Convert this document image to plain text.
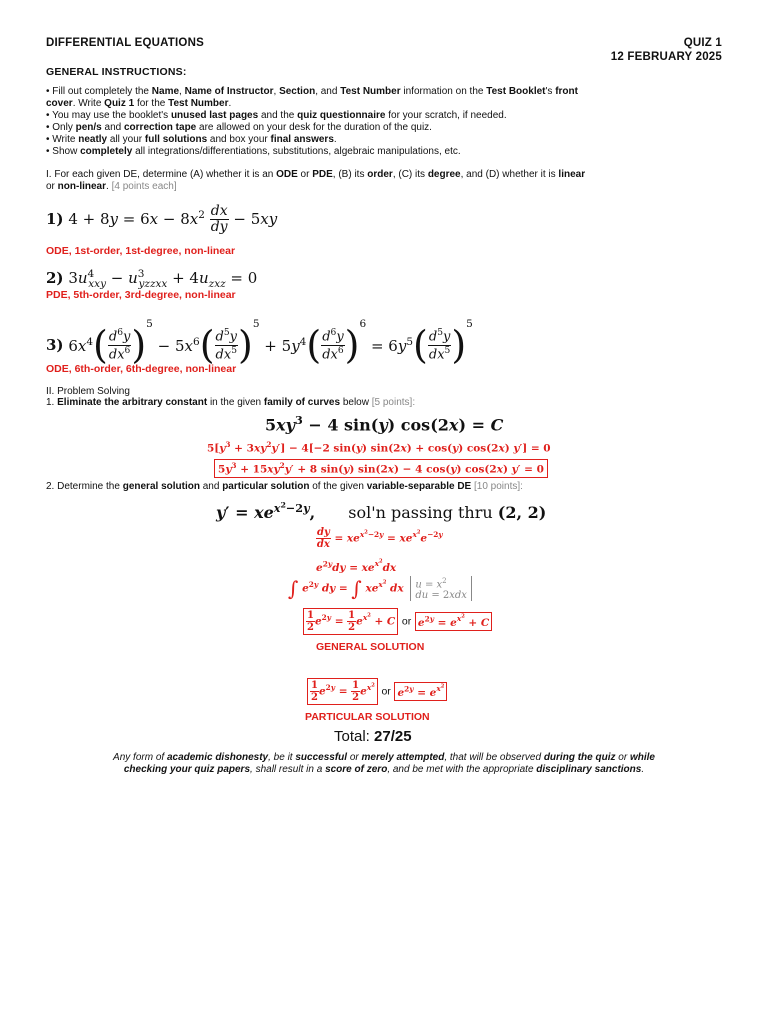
DIFFERENTIAL EQUATIONS	QUIZ 1
12 FEBRUARY 2025
GENERAL INSTRUCTIONS:
• Fill out completely the Name, Name of Instructor, Section, and Test Number information on the Test Booklet's front
cover. Write Quiz 1 for the Test Number.
• You may use the booklet's unused last pages and the quiz questionnaire for your scratch, if needed.
• Only pen/s and correction tape are allowed on your desk for the duration of the quiz.
• Write neatly all your full solutions and box your final answers.
• Show completely all integrations/differentiations, substitutions, algebraic manipulations, etc.
I. For each given DE, determine (A) whether it is an ODE or PDE, (B) its order, (C) its degree, and (D) whether it is linear
or non-linear. [4 points each]
1) $4 + 8y = 6x - 8x^2 \frac{dx}{dy} - 5xy$
ODE, 1st-order, 1st-degree, non-linear
2) $3u^4_{xxy} - u^3_{yzzxx} + 4u_{zxz} = 0$
PDE, 5th-order, 3rd-degree, non-linear
3) $6x^4( \frac{d^6y}{dx^6} )^5 - 5x^6( \frac{d^5y}{dx^5} )^5 + 5y^4( \frac{d^6y}{dx^6} )^6 = 6y^5( \frac{d^5y}{dx^5} )^5$
ODE, 6th-order, 6th-degree, non-linear
II. Problem Solving
1. Eliminate the arbitrary constant in the given family of curves below [5 points]:
$5xy^3 - 4$ sin(y) cos(2x) = C
$5[y^3 + 3xy^2y'] - 4[-2$ sin(y) sin(2x) + cos(y) cos(2x) y′] = 0
$5y^3 + 15xy^2y' + 8$ sin(y) sin(2x) − 4 cos(y) cos(2x) y′ = 0
2. Determine the general solution and particular solution of the given variable-separable DE [10 points]:
$y' = xe^{x^2-2y}$, sol'n passing thru (2, 2)
$\frac{dy}{dx} = xe^{x^2-2y} = xe^{x^2}e^{-2y}$
$e^{2y}dy = xe^{x^2}dx$
∫ $e^{2y}$ dy = ∫ $xe^{x^2}$ dx $u = x^2$
du = 2xdx
$\frac{1}{2} e^{2y} = \frac{1}{2} e^{x^2} + C$ or $e^{2y} = e^{x^2} + C$
GENERAL SOLUTION
$\frac{1}{2} e^{2y} = \frac{1}{2} e^{x^2}$ or $e^{2y} = e^{x^2}$
PARTICULAR SOLUTION
Total: 27/25
Any form of academic dishonesty, be it successful or merely attempted, that will be observed during the quiz or while
checking your quiz papers, shall result in a score of zero, and be met with the appropriate disciplinary sanctions.
